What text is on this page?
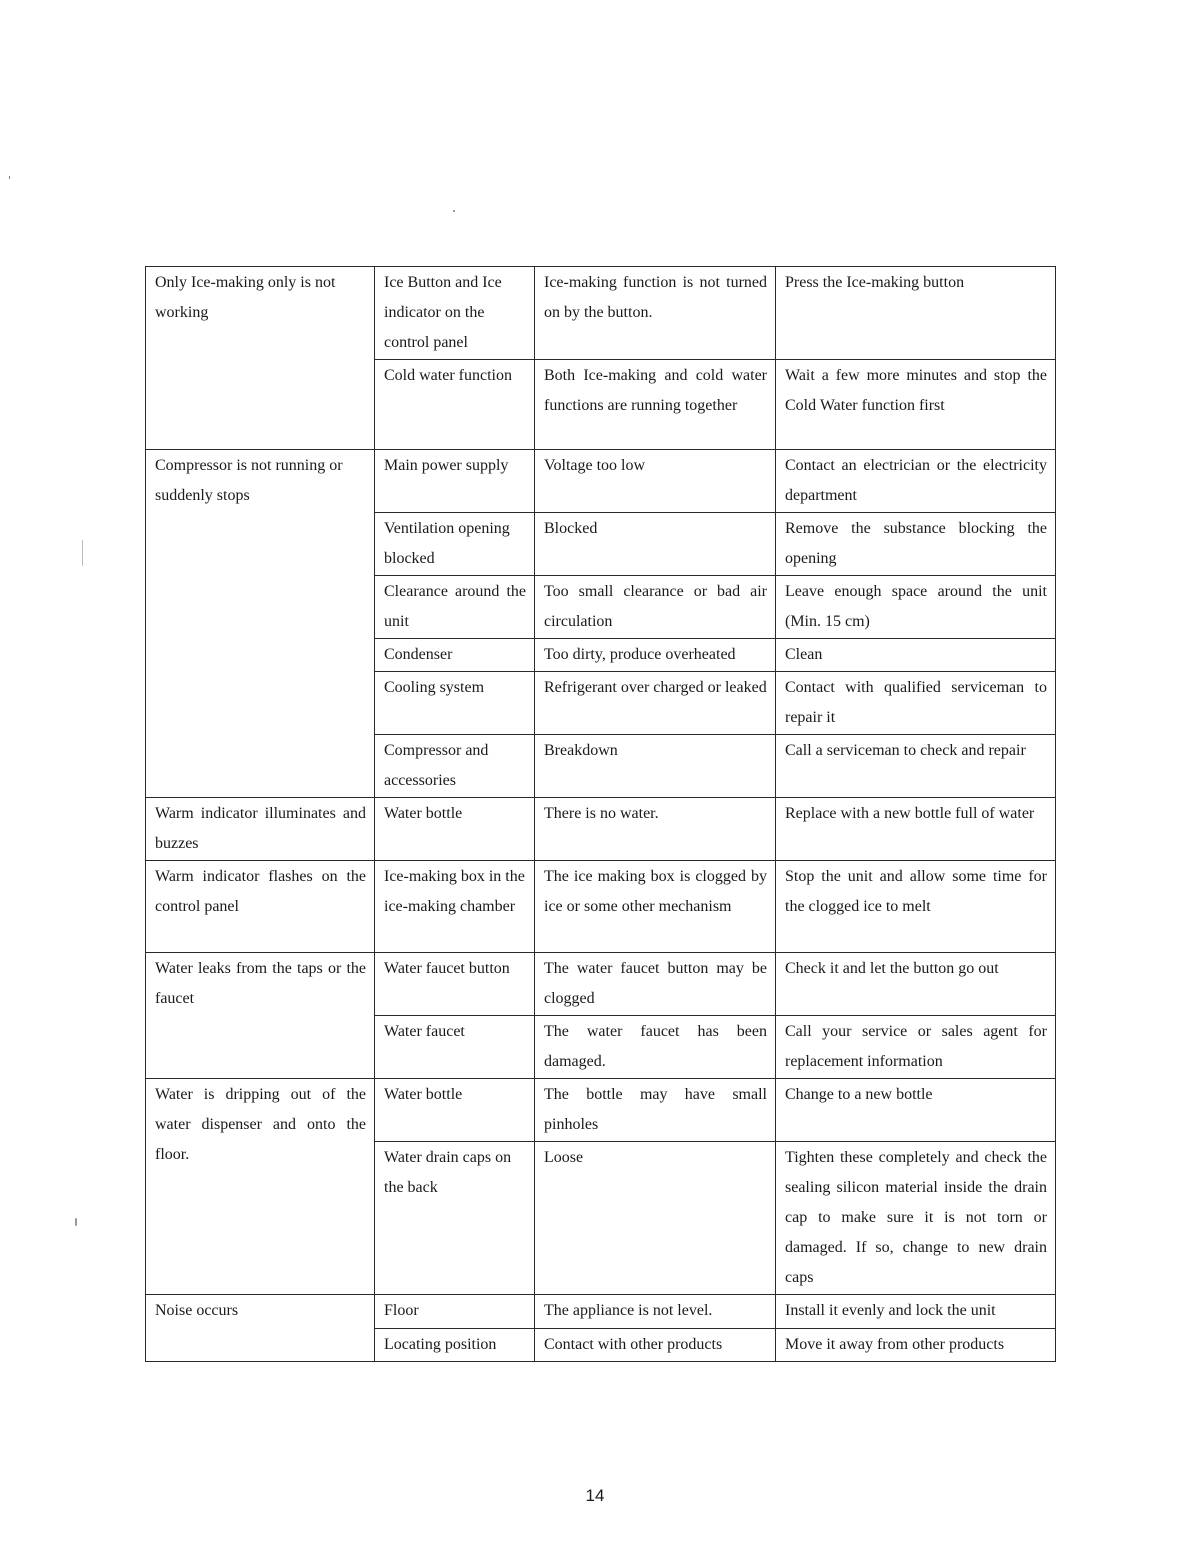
Only Ice-making only is not working	Ice Button and Ice indicator on the control panel	Ice-making function is not turned on by the button.	Press the Ice-making button
	Cold water function	Both Ice-making and cold water functions are running together	Wait a few more minutes and stop the Cold Water function first
Compressor is not running or suddenly stops	Main power supply	Voltage too low	Contact an electrician or the electricity department
	Ventilation opening blocked	Blocked	Remove the substance blocking the opening
	Clearance around the unit	Too small clearance or bad air circulation	Leave enough space around the unit (Min. 15 cm)
	Condenser	Too dirty, produce overheated	Clean
	Cooling system	Refrigerant over charged or leaked	Contact with qualified serviceman to repair it
	Compressor and accessories	Breakdown	Call a serviceman to check and repair
Warm indicator illuminates and buzzes	Water bottle	There is no water.	Replace with a new bottle full of water
Warm indicator flashes on the control panel	Ice-making box in the ice-making chamber	The ice making box is clogged by ice or some other mechanism	Stop the unit and allow some time for the clogged ice to melt
Water leaks from the taps or the faucet	Water faucet button	The water faucet button may be clogged	Check it and let the button go out
	Water faucet	The water faucet has been damaged.	Call your service or sales agent for replacement information
Water is dripping out of the water dispenser and onto the floor.	Water bottle	The bottle may have small pinholes	Change to a new bottle
	Water drain caps on the back	Loose	Tighten these completely and check the sealing silicon material inside the drain cap to make sure it is not torn or damaged. If so, change to new drain caps
Noise occurs	Floor	The appliance is not level.	Install it evenly and lock the unit
	Locating position	Contact with other products	Move it away from other products
14
